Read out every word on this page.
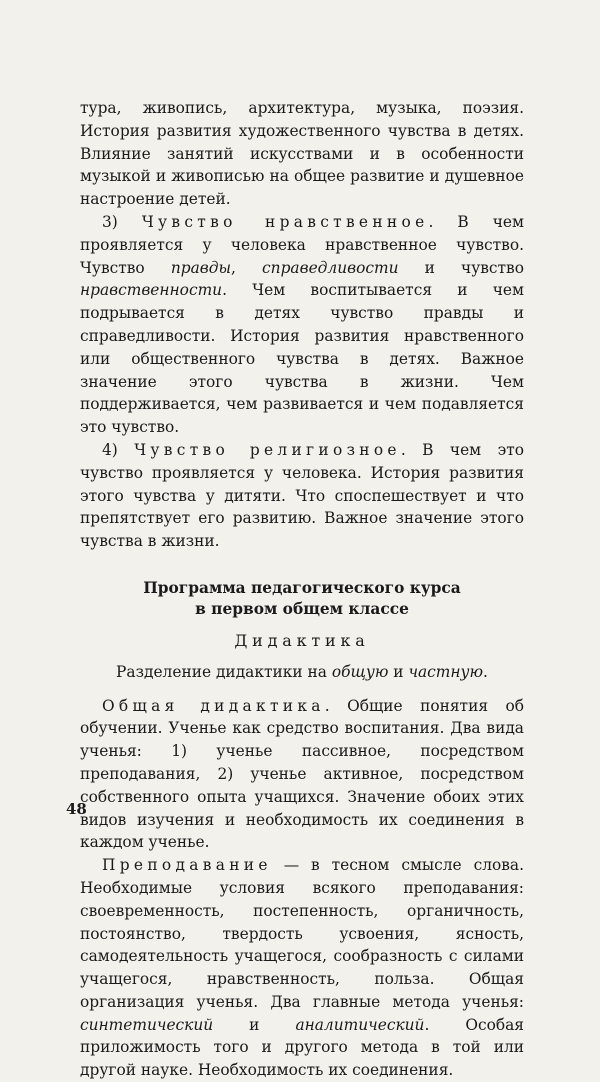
тура, живопись, архитектура, музыка, поэзия. История развития художественного чувства в детях. Влияние занятий искусствами и в особенности музыкой и живописью на общее развитие и душевное настроение детей.

3) Чувство нравственное. В чем проявляется у человека нравственное чувство. Чувство правды, справедливости и чувство нравственности. Чем воспитывается и чем подрывается в детях чувство правды и справедливости. История развития нравственного или общественного чувства в детях. Важное значение этого чувства в жизни. Чем поддерживается, чем развивается и чем подавляется это чувство.

4) Чувство религиозное. В чем это чувство проявляется у человека. История развития этого чувства у дитяти. Что споспешествует и что препятствует его развитию. Важное значение этого чувства в жизни.

Программа педагогического курса
в первом общем классе
Дидактика

Разделение дидактики на общую и частную.

Общая дидактика. Общие понятия об обучении. Ученье как средство воспитания. Два вида ученья: 1) ученье пассивное, посредством преподавания, 2) ученье активное, посредством собственного опыта учащихся. Значение обоих этих видов изучения и необходимость их соединения в каждом ученье.

Преподавание — в тесном смысле слова. Необходимые условия всякого преподавания: своевременность, постепенность, органичность, постоянство, твердость усвоения, ясность, самодеятельность учащегося, сообразность с силами учащегося, нравственность, польза. Общая организация ученья. Два главные метода ученья: синтетический и аналитический. Особая приложимость того и другого метода в той или другой науке. Необходимость их соединения.

48
